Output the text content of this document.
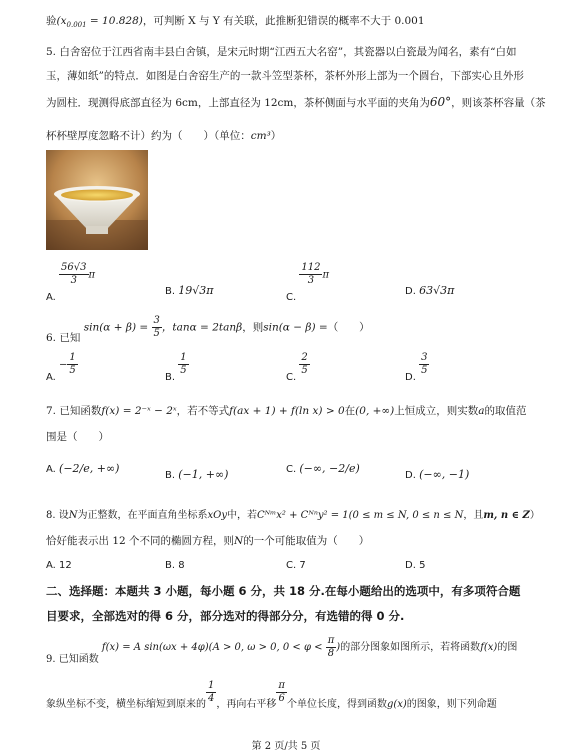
验$(x_{0.001} = 10.828)$，可判断 X 与 Y 有关联，此推断犯错误的概率不大于 0.001
5. 白舍窑位于江西省南丰县白舍镇，是宋元时期“江西五大名窑”，其瓷器以白瓷最为闻名，素有“白如
玉，薄如纸”的特点．如图是白舍窑生产的一款斗笠型茶杯，茶杯外形上部为一个圆台，下部实心且外形
为圆柱．现测得底部直径为 6cm，上部直径为 12cm，茶杯侧面与水平面的夹角为60°，则该茶杯容量（茶
杯杯壁厚度忽略不计）约为（　　）（单位：cm³）
A.
$\frac{56√3}{3}$ π
B. 19√3π	C.
$\frac{112}{3}$ π
D. 63√3π
6. 已知 $\sin(\alpha + \beta) = \frac{3}{5}$ ，tanα = 2tanβ，则sin(α − β) =（　　）
A. − $\frac{1}{5}$	B. $\frac{1}{5}$	C. $\frac{2}{5}$	D. $\frac{3}{5}$
7. 已知函数f(x) = 2⁻ˣ − 2ˣ，若不等式f(ax + 1) + f(ln x) > 0在(0, +∞)上恒成立，则实数a的取值范
围是（　　）
A. (−2/e, +∞)
B. (−1, +∞)	C. (−∞, −2/e)
D. (−∞, −1)
8. 设N为正整数，在平面直角坐标系xOy中，若Cᴺᵐx² + Cᴺⁿy² = 1(0 ≤ m ≤ N, 0 ≤ n ≤ N，且m, n ∈ Z）
恰好能表示出 12 个不同的椭圆方程，则N的一个可能取值为（　　）
A. 12	B. 8	C. 7	D. 5
二、选择题：本题共 3 小题，每小题 6 分，共 18 分.在每小题给出的选项中，有多项符合题
目要求，全部选对的得 6 分，部分选对的得部分分，有选错的得 0 分.
9. 已知函数 f(x) = A sin(ωx + 4φ)(A > 0, ω > 0, $0 < \varphi < \frac{\pi}{8}$ )的部分图象如图所示，若将函数f(x)的图
象纵坐标不变，横坐标缩短到原来的 $\frac{1}{4}$ ，再向右平移 $\frac{\pi}{6}$ 个单位长度，得到函数g(x)的图象，则下列命题
第 2 页/共 5 页
